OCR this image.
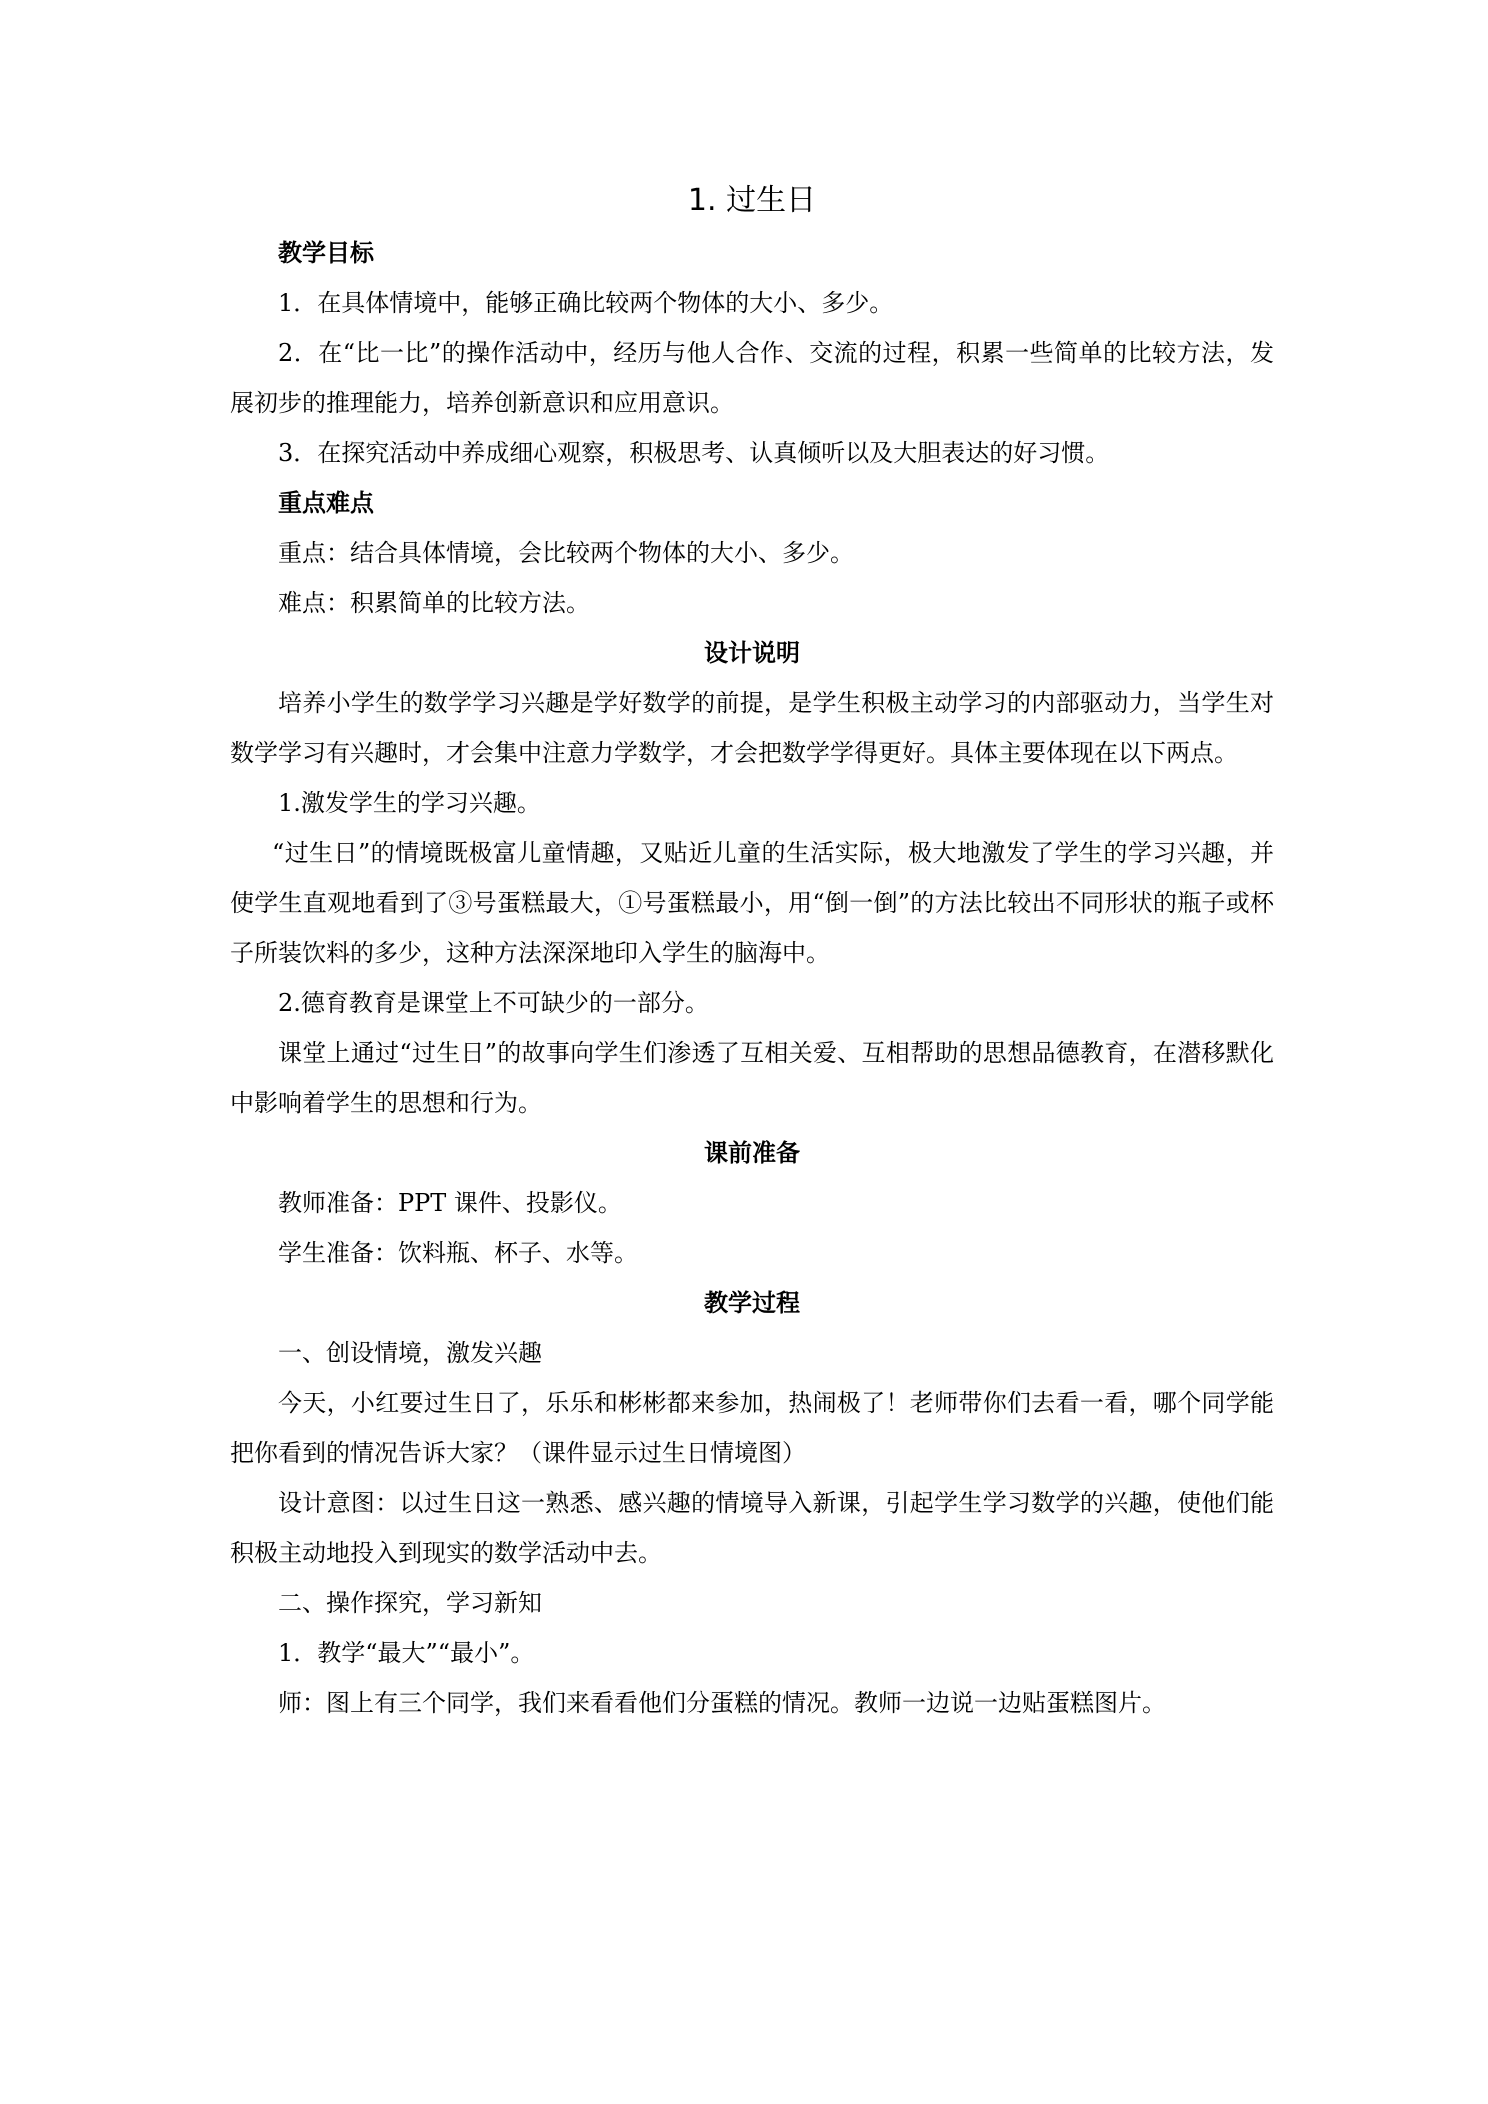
1. 过生日

教学目标

1．在具体情境中，能够正确比较两个物体的大小、多少。

2．在“比一比”的操作活动中，经历与他人合作、交流的过程，积累一些简单的比较方法，发展初步的推理能力，培养创新意识和应用意识。

3．在探究活动中养成细心观察，积极思考、认真倾听以及大胆表达的好习惯。

重点难点

重点：结合具体情境，会比较两个物体的大小、多少。

难点：积累简单的比较方法。

设计说明

培养小学生的数学学习兴趣是学好数学的前提，是学生积极主动学习的内部驱动力，当学生对数学学习有兴趣时，才会集中注意力学数学，才会把数学学得更好。具体主要体现在以下两点。

1.激发学生的学习兴趣。

“过生日”的情境既极富儿童情趣，又贴近儿童的生活实际，极大地激发了学生的学习兴趣，并使学生直观地看到了③号蛋糕最大，①号蛋糕最小，用“倒一倒”的方法比较出不同形状的瓶子或杯子所装饮料的多少，这种方法深深地印入学生的脑海中。

2.德育教育是课堂上不可缺少的一部分。

课堂上通过“过生日”的故事向学生们渗透了互相关爱、互相帮助的思想品德教育，在潜移默化中影响着学生的思想和行为。

课前准备

教师准备：PPT 课件、投影仪。

学生准备：饮料瓶、杯子、水等。

教学过程

一、创设情境，激发兴趣

今天，小红要过生日了，乐乐和彬彬都来参加，热闹极了！老师带你们去看一看，哪个同学能把你看到的情况告诉大家？（课件显示过生日情境图）

设计意图：以过生日这一熟悉、感兴趣的情境导入新课，引起学生学习数学的兴趣，使他们能积极主动地投入到现实的数学活动中去。

二、操作探究，学习新知

1．教学“最大”“最小”。

师：图上有三个同学，我们来看看他们分蛋糕的情况。教师一边说一边贴蛋糕图片。
